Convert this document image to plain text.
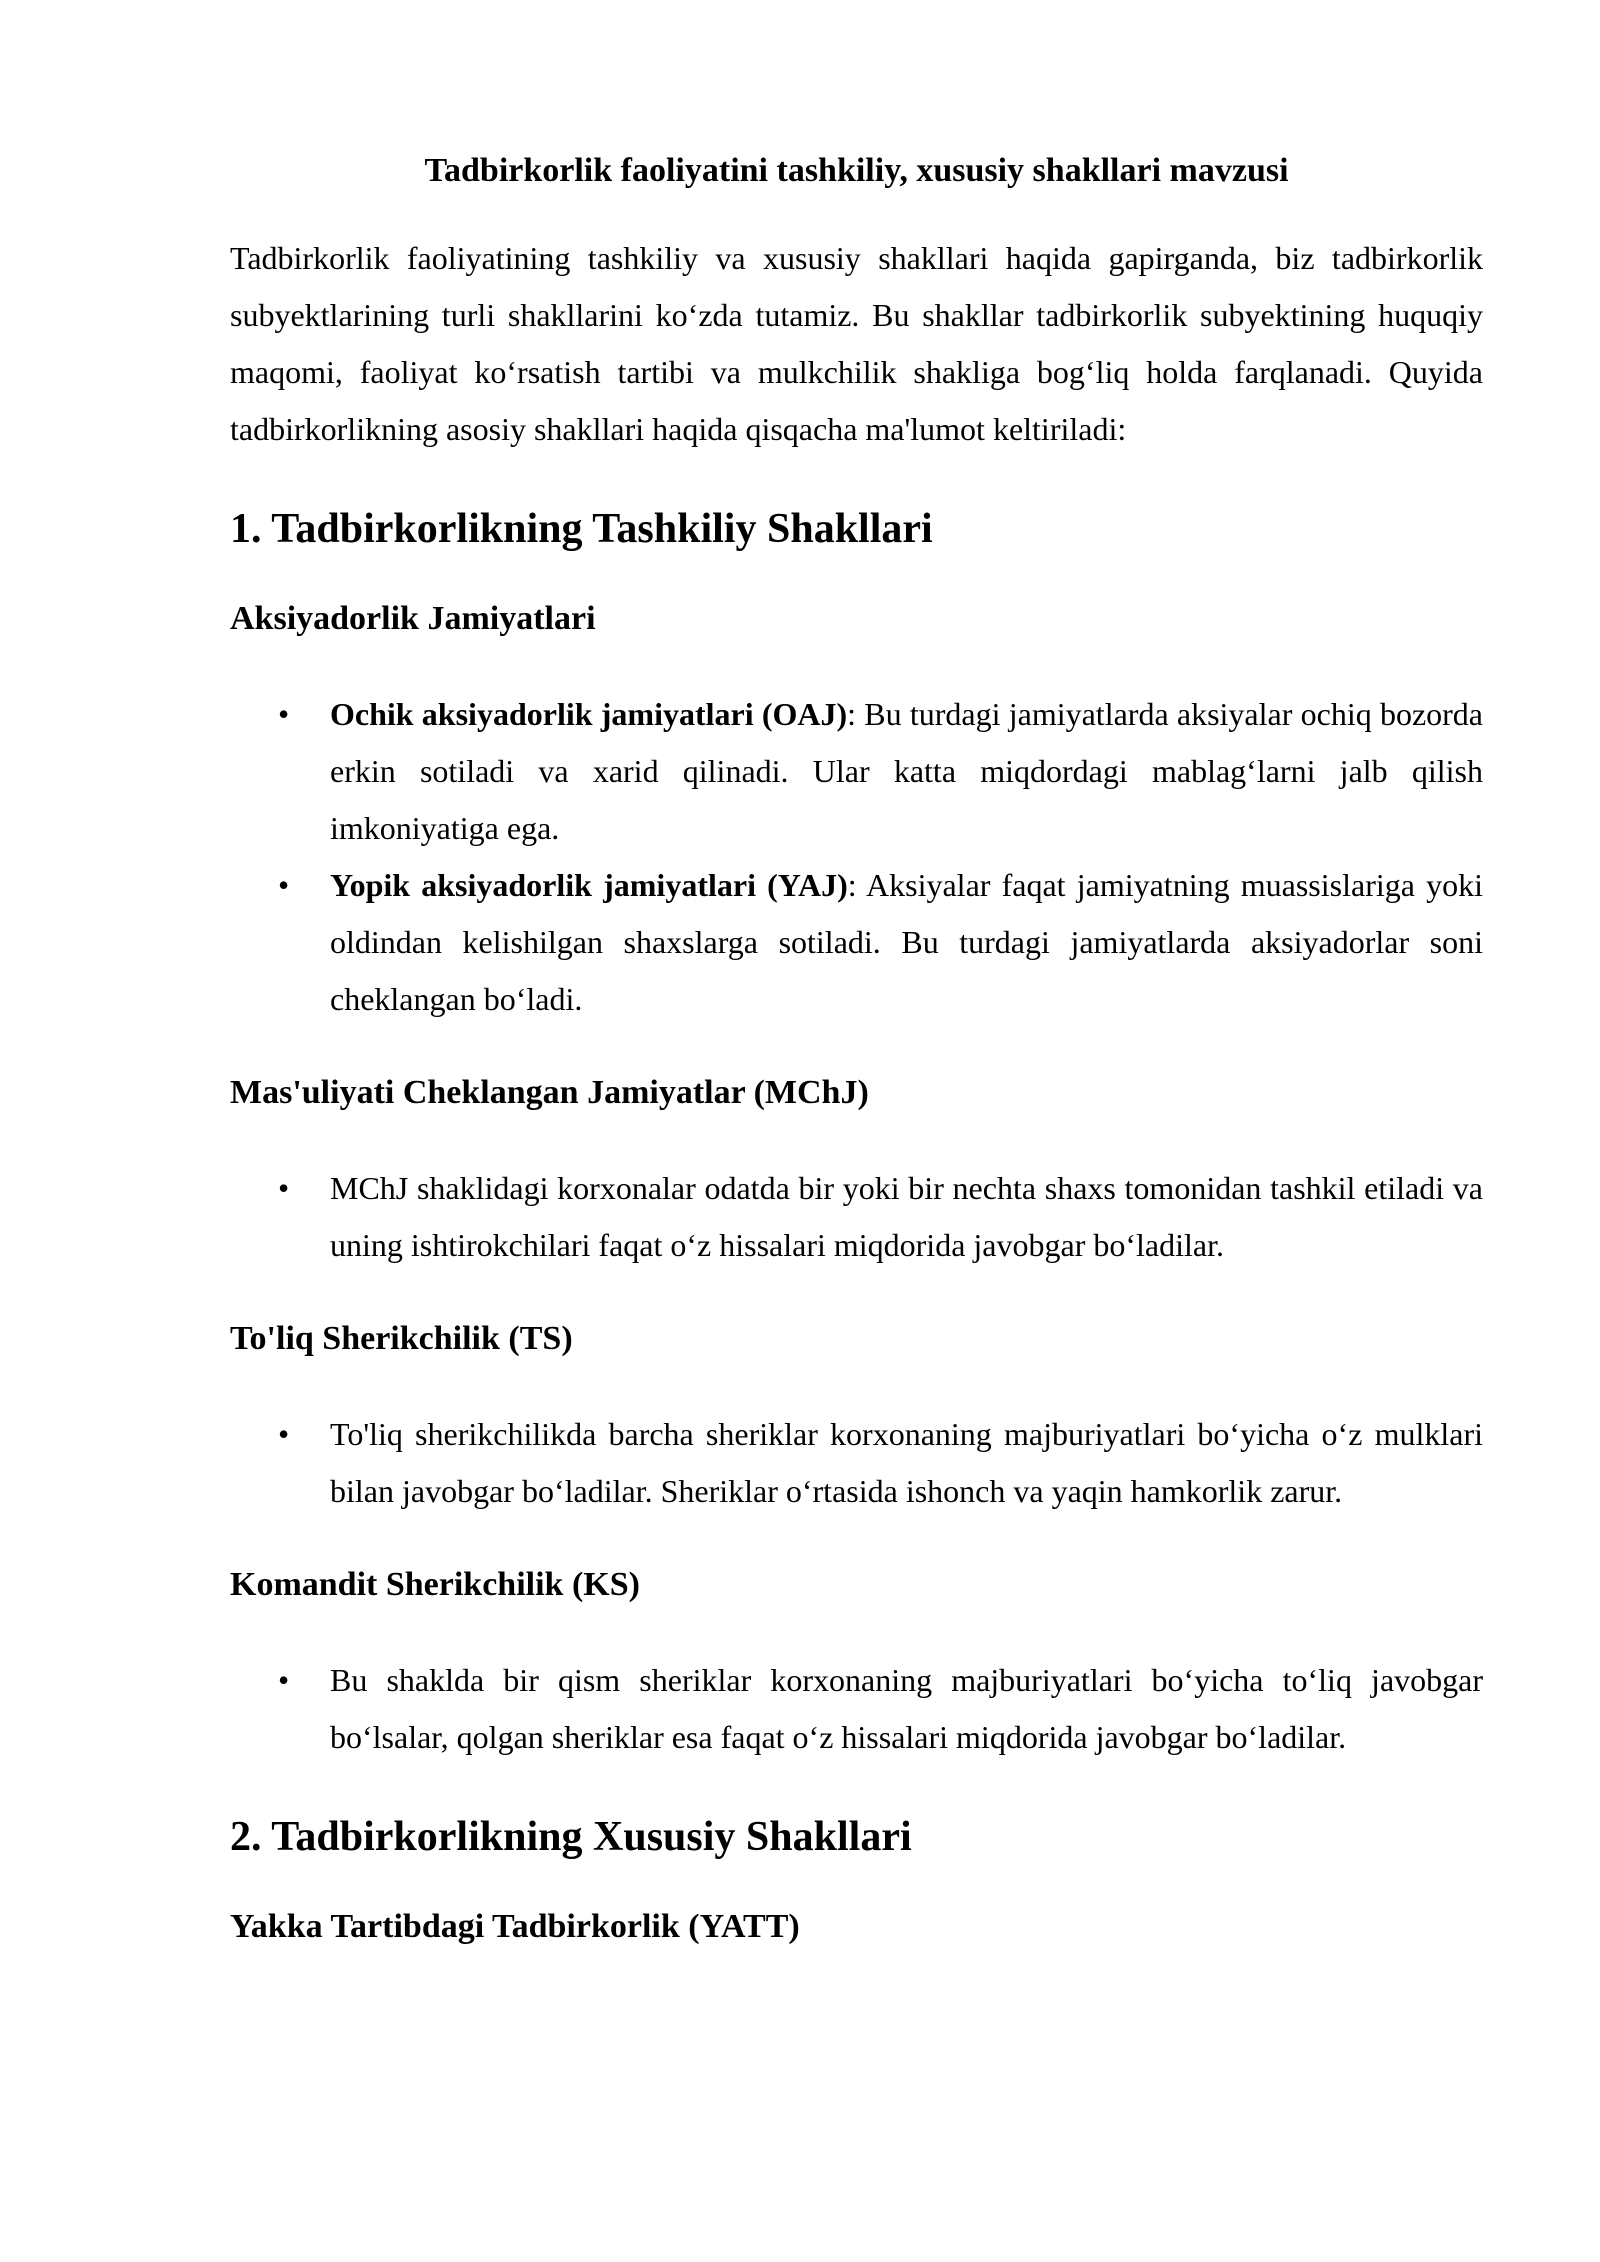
Tadbirkorlik faoliyatini tashkiliy, xususiy shakllari mavzusi

Tadbirkorlik faoliyatining tashkiliy va xususiy shakllari haqida gapirganda, biz tadbirkorlik subyektlarining turli shakllarini ko‘zda tutamiz. Bu shakllar tadbirkorlik subyektining huquqiy maqomi, faoliyat ko‘rsatish tartibi va mulkchilik shakliga bog‘liq holda farqlanadi. Quyida tadbirkorlikning asosiy shakllari haqida qisqacha ma'lumot keltiriladi:

1. Tadbirkorlikning Tashkiliy Shakllari
Aksiyadorlik Jamiyatlari
• Ochik aksiyadorlik jamiyatlari (OAJ): Bu turdagi jamiyatlarda aksiyalar ochiq bozorda erkin sotiladi va xarid qilinadi. Ular katta miqdordagi mablag‘larni jalb qilish imkoniyatiga ega.
• Yopik aksiyadorlik jamiyatlari (YAJ): Aksiyalar faqat jamiyatning muassislariga yoki oldindan kelishilgan shaxslarga sotiladi. Bu turdagi jamiyatlarda aksiyadorlar soni cheklangan bo‘ladi.
Mas'uliyati Cheklangan Jamiyatlar (MChJ)
• MChJ shaklidagi korxonalar odatda bir yoki bir nechta shaxs tomonidan tashkil etiladi va uning ishtirokchilari faqat o‘z hissalari miqdorida javobgar bo‘ladilar.
To'liq Sherikchilik (TS)
• To'liq sherikchilikda barcha sheriklar korxonaning majburiyatlari bo‘yicha o‘z mulklari bilan javobgar bo‘ladilar. Sheriklar o‘rtasida ishonch va yaqin hamkorlik zarur.
Komandit Sherikchilik (KS)
• Bu shaklda bir qism sheriklar korxonaning majburiyatlari bo‘yicha to‘liq javobgar bo‘lsalar, qolgan sheriklar esa faqat o‘z hissalari miqdorida javobgar bo‘ladilar.
2. Tadbirkorlikning Xususiy Shakllari
Yakka Tartibdagi Tadbirkorlik (YATT)
